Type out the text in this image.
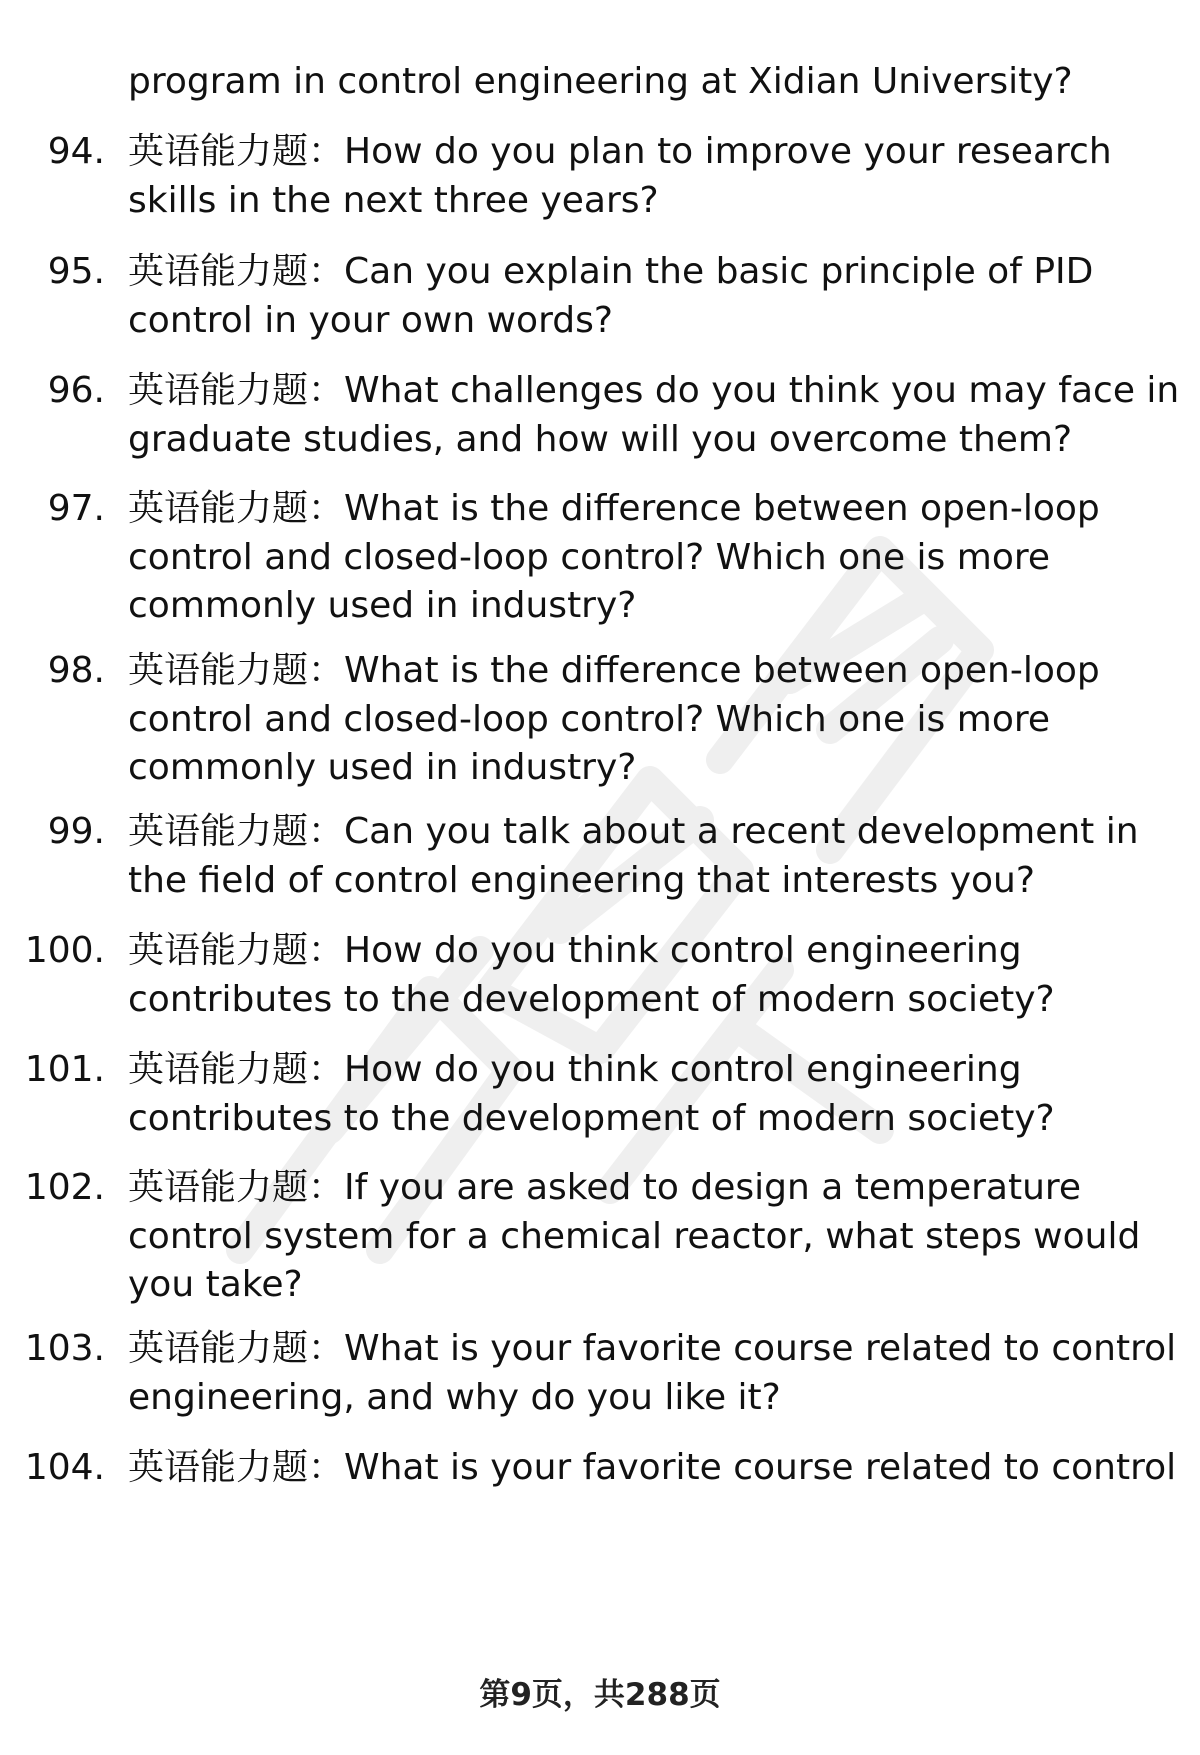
program in control engineering at Xidian University?
94. 英语能力题：How do you plan to improve your research
skills in the next three years?
95. 英语能力题：Can you explain the basic principle of PID
control in your own words?
96. 英语能力题：What challenges do you think you may face in
graduate studies, and how will you overcome them?
97. 英语能力题：What is the difference between open-loop
control and closed-loop control? Which one is more
commonly used in industry?
98. 英语能力题：What is the difference between open-loop
control and closed-loop control? Which one is more
commonly used in industry?
99. 英语能力题：Can you talk about a recent development in
the field of control engineering that interests you?
100. 英语能力题：How do you think control engineering
contributes to the development of modern society?
101. 英语能力题：How do you think control engineering
contributes to the development of modern society?
102. 英语能力题：If you are asked to design a temperature
control system for a chemical reactor, what steps would
you take?
103. 英语能力题：What is your favorite course related to control
engineering, and why do you like it?
104. 英语能力题：What is your favorite course related to control
第9页，共288页
